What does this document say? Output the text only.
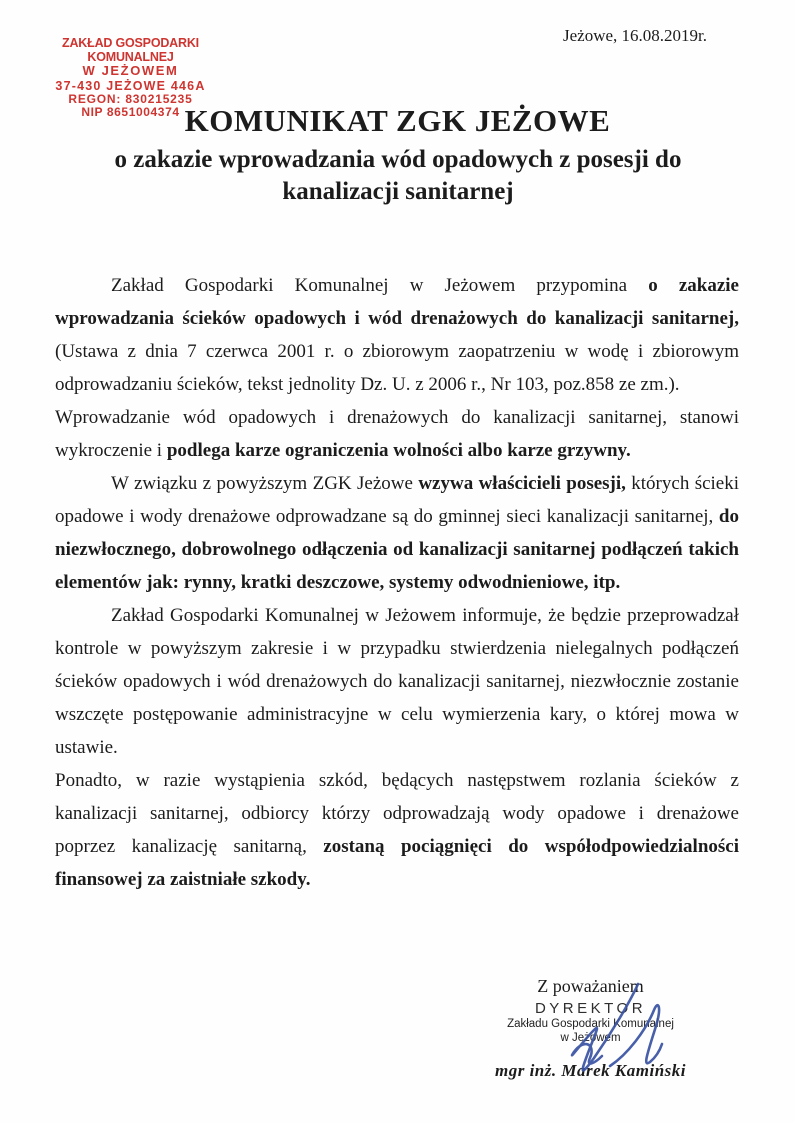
ZAKŁAD GOSPODARKI KOMUNALNEJ
W JEŻOWEM
37-430 JEŻOWE 446A
REGON: 830215235
NIP 8651004374
Jeżowe, 16.08.2019r.
KOMUNIKAT ZGK JEŻOWE
o zakazie wprowadzania wód opadowych z posesji do kanalizacji sanitarnej

Zakład Gospodarki Komunalnej w Jeżowem przypomina o zakazie wprowadzania ścieków opadowych i wód drenażowych do kanalizacji sanitarnej, (Ustawa z dnia 7 czerwca 2001 r. o zbiorowym zaopatrzeniu w wodę i zbiorowym odprowadzaniu ścieków, tekst jednolity Dz. U. z 2006 r., Nr 103, poz.858 ze zm.).

Wprowadzanie wód opadowych i drenażowych do kanalizacji sanitarnej, stanowi wykroczenie i podlega karze ograniczenia wolności albo karze grzywny.

W związku z powyższym ZGK Jeżowe wzywa właścicieli posesji, których ścieki opadowe i wody drenażowe odprowadzane są do gminnej sieci kanalizacji sanitarnej, do niezwłocznego, dobrowolnego odłączenia od kanalizacji sanitarnej podłączeń takich elementów jak: rynny, kratki deszczowe, systemy odwodnieniowe, itp.

Zakład Gospodarki Komunalnej w Jeżowem informuje, że będzie przeprowadzał kontrole w powyższym zakresie i w przypadku stwierdzenia nielegalnych podłączeń ścieków opadowych i wód drenażowych do kanalizacji sanitarnej, niezwłocznie zostanie wszczęte postępowanie administracyjne w celu wymierzenia kary, o której mowa w ustawie.

Ponadto, w razie wystąpienia szkód, będących następstwem rozlania ścieków z kanalizacji sanitarnej, odbiorcy którzy odprowadzają wody opadowe i drenażowe poprzez kanalizację sanitarną, zostaną pociągnięci do współodpowiedzialności finansowej za zaistniałe szkody.

Z poważaniem
DYREKTOR
Zakładu Gospodarki Komunalnej
w Jeżowem
mgr inż. Marek Kamiński
